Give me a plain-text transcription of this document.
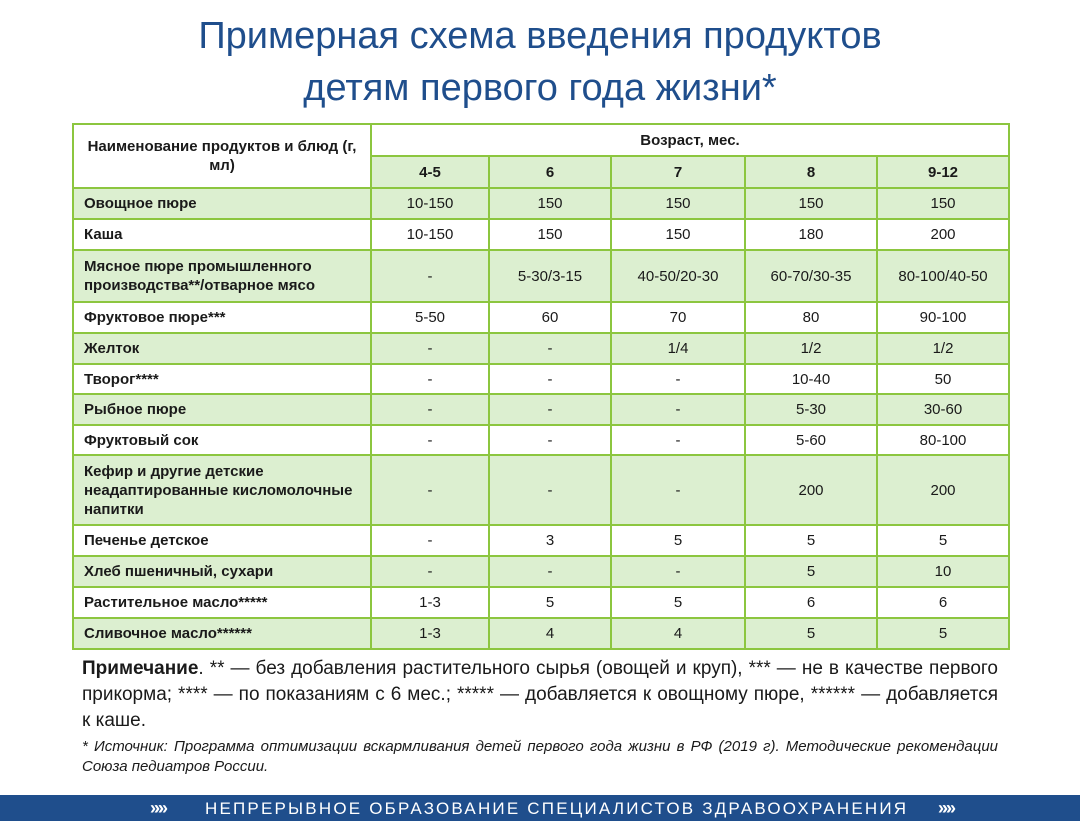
Примерная схема введения продуктов
детям первого года жизни*
Наименование продуктов и блюд (г, мл)	Возраст, мес.				
	4-5	6	7	8	9-12
Овощное пюре	10-150	150	150	150	150
Каша	10-150	150	150	180	200
Мясное пюре промышленного производства**/отварное мясо	-	5-30/3-15	40-50/20-30	60-70/30-35	80-100/40-50
Фруктовое пюре***	5-50	60	70	80	90-100
Желток	-	-	1/4	1/2	1/2
Творог****	-	-	-	10-40	50
Рыбное пюре	-	-	-	5-30	30-60
Фруктовый сок	-	-	-	5-60	80-100
Кефир и другие детские неадаптированные кисломолочные напитки	-	-	-	200	200
Печенье детское	-	3	5	5	5
Хлеб пшеничный, сухари	-	-	-	5	10
Растительное масло*****	1-3	5	5	6	6
Сливочное масло******	1-3	4	4	5	5
Примечание. ** — без добавления растительного сырья (овощей и круп), *** — не в качестве первого прикорма; **** — по показаниям с 6 мес.; ***** — добавляется к овощному пюре, ****** — добавляется к каше.
* Источник: Программа оптимизации вскармливания детей первого года жизни в РФ (2019 г). Методические рекомендации Союза педиатров России.
»»»	НЕПРЕРЫВНОЕ ОБРАЗОВАНИЕ СПЕЦИАЛИСТОВ ЗДРАВООХРАНЕНИЯ »»»
